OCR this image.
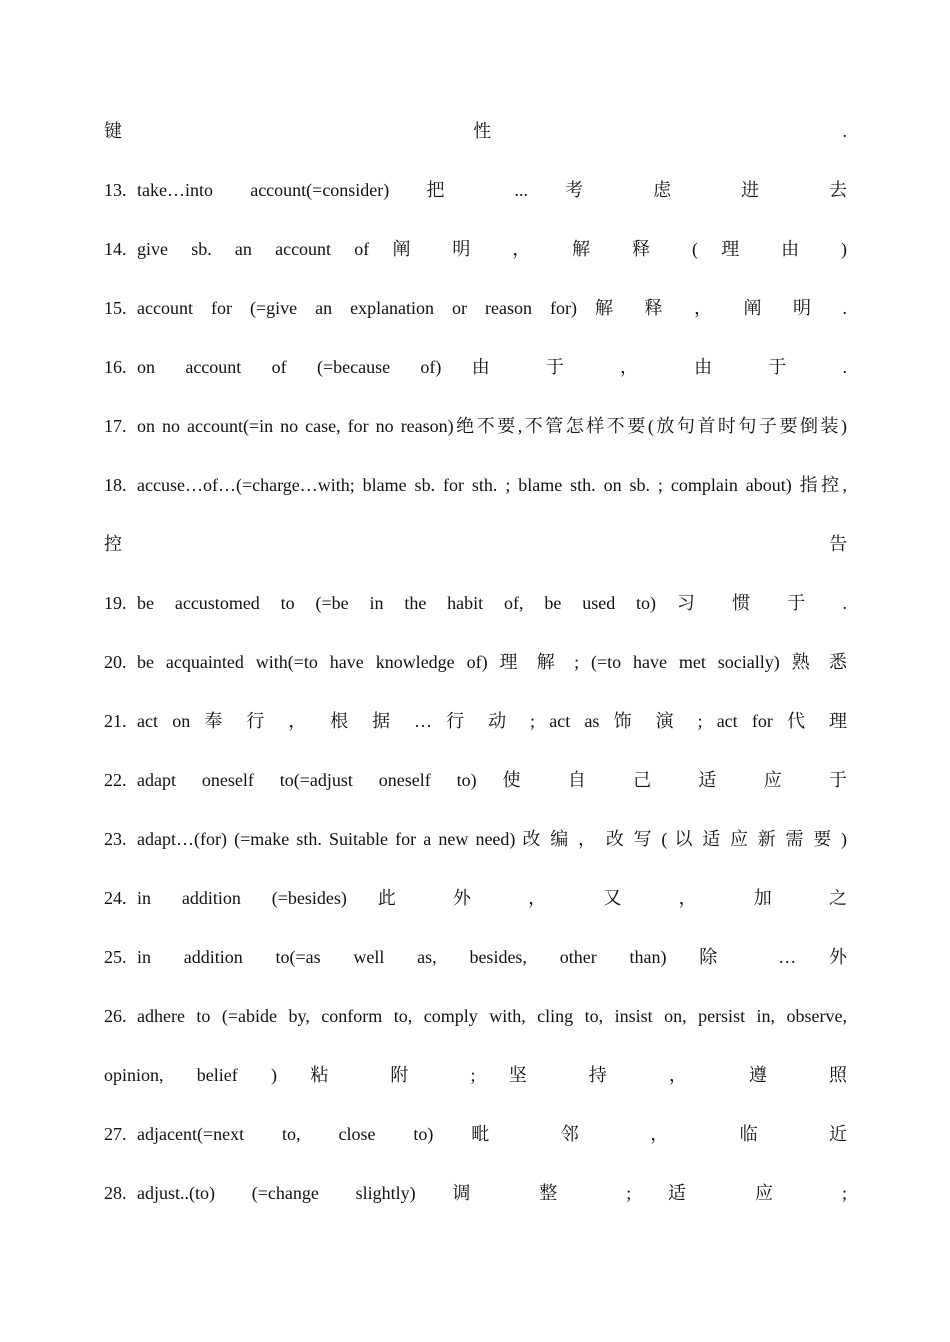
键 性 .
13. take…into account(=consider) 把 ... 考 虑 进 去
14. give sb. an account of 阐 明 ， 解 释 ( 理 由 )
15. account for (=give an explanation or reason for) 解 释 ， 阐 明 .
16. on account of (=because of) 由 于 ， 由 于 .
17. on no account(=in no case, for no reason)绝不要,不管怎样不要(放句首时句子要倒装)
18. accuse…of…(=charge…with; blame sb. for sth. ; blame sth. on sb. ; complain about) 指控,
控 告
19. be accustomed to (=be in the habit of, be used to) 习 惯 于 .
20. be acquainted with(=to have knowledge of) 理 解 ; (=to have met socially) 熟 悉
21. act on 奉 行 ， 根 据 … 行 动 ; act as 饰 演 ; act for 代 理
22. adapt oneself to(=adjust oneself to) 使 自 己 适 应 于
23. adapt…(for) (=make sth. Suitable for a new need) 改 编 ， 改 写 ( 以 适 应 新 需 要 )
24. in addition (=besides) 此 外 ， 又 ， 加 之
25. in addition to(=as well as, besides, other than) 除 … 外
26. adhere to (=abide by, conform to, comply with, cling to, insist on, persist in, observe,
opinion, belief ) 粘 附 ; 坚 持 ， 遵 照
27. adjacent(=next to, close to) 毗 邻 ， 临 近
28. adjust..(to) (=change slightly) 调 整 ; 适 应 ;
